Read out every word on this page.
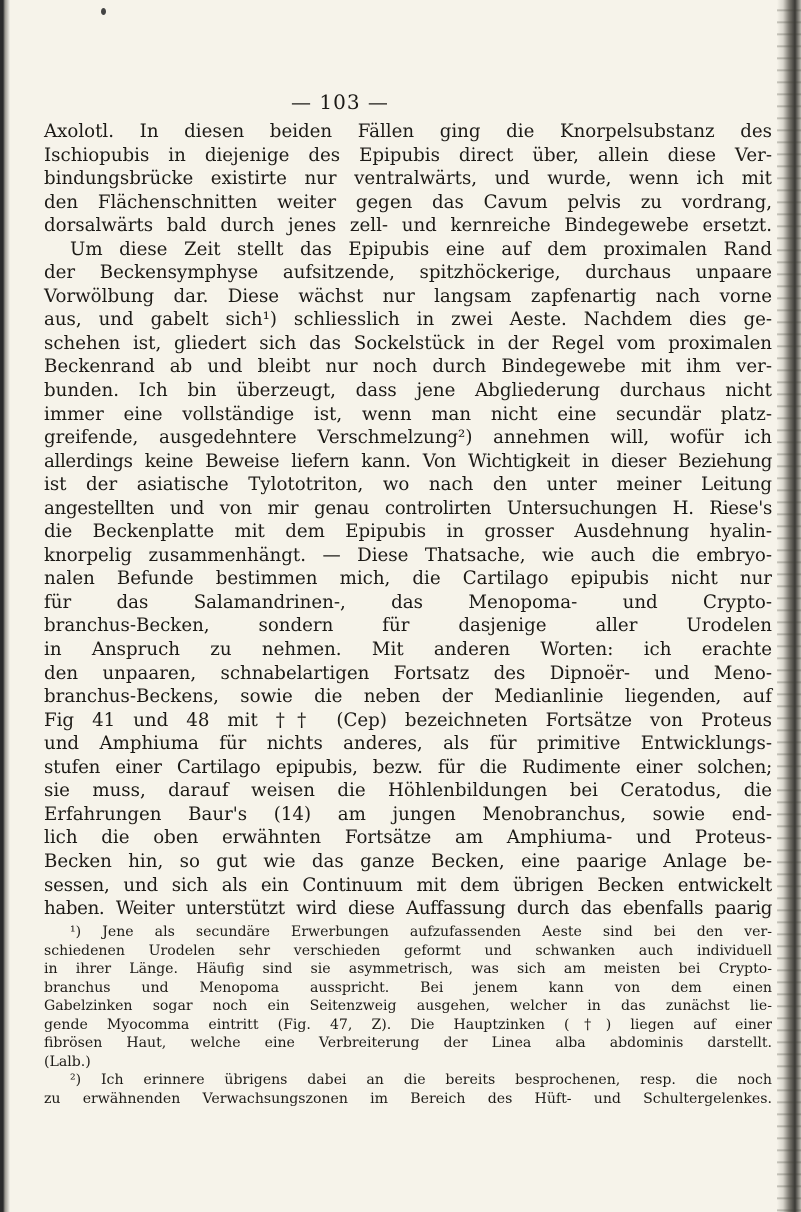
— 103 —
Axolotl. In diesen beiden Fällen ging die Knorpelsubstanz des
Ischiopubis in diejenige des Epipubis direct über, allein diese Ver-
bindungsbrücke existirte nur ventralwärts, und wurde, wenn ich mit
den Flächenschnitten weiter gegen das Cavum pelvis zu vordrang,
dorsalwärts bald durch jenes zell- und kernreiche Bindegewebe ersetzt.
Um diese Zeit stellt das Epipubis eine auf dem proximalen Rand
der Beckensymphyse aufsitzende, spitzhöckerige, durchaus unpaare
Vorwölbung dar. Diese wächst nur langsam zapfenartig nach vorne
aus, und gabelt sich¹) schliesslich in zwei Aeste. Nachdem dies ge-
schehen ist, gliedert sich das Sockelstück in der Regel vom proximalen
Beckenrand ab und bleibt nur noch durch Bindegewebe mit ihm ver-
bunden. Ich bin überzeugt, dass jene Abgliederung durchaus nicht
immer eine vollständige ist, wenn man nicht eine secundär platz-
greifende, ausgedehntere Verschmelzung²) annehmen will, wofür ich
allerdings keine Beweise liefern kann. Von Wichtigkeit in dieser Beziehung
ist der asiatische Tylototriton, wo nach den unter meiner Leitung
angestellten und von mir genau controlirten Untersuchungen H. Riese's
die Beckenplatte mit dem Epipubis in grosser Ausdehnung hyalin-
knorpelig zusammenhängt. — Diese Thatsache, wie auch die embryo-
nalen Befunde bestimmen mich, die Cartilago epipubis nicht nur
für das Salamandrinen-, das Menopoma- und Crypto-
branchus-Becken, sondern für dasjenige aller Urodelen
in Anspruch zu nehmen. Mit anderen Worten: ich erachte
den unpaaren, schnabelartigen Fortsatz des Dipnoër- und Meno-
branchus-Beckens, sowie die neben der Medianlinie liegenden, auf
Fig 41 und 48 mit †† (Cep) bezeichneten Fortsätze von Proteus
und Amphiuma für nichts anderes, als für primitive Entwicklungs-
stufen einer Cartilago epipubis, bezw. für die Rudimente einer solchen;
sie muss, darauf weisen die Höhlenbildungen bei Ceratodus, die
Erfahrungen Baur's (14) am jungen Menobranchus, sowie end-
lich die oben erwähnten Fortsätze am Amphiuma- und Proteus-
Becken hin, so gut wie das ganze Becken, eine paarige Anlage be-
sessen, und sich als ein Continuum mit dem übrigen Becken entwickelt
haben. Weiter unterstützt wird diese Auffassung durch das ebenfalls paarig
¹) Jene als secundäre Erwerbungen aufzufassenden Aeste sind bei den ver-
schiedenen Urodelen sehr verschieden geformt und schwanken auch individuell
in ihrer Länge. Häufig sind sie asymmetrisch, was sich am meisten bei Crypto-
branchus und Menopoma ausspricht. Bei jenem kann von dem einen
Gabelzinken sogar noch ein Seitenzweig ausgehen, welcher in das zunächst lie-
gende Myocomma eintritt (Fig. 47, Z). Die Hauptzinken (†) liegen auf einer
fibrösen Haut, welche eine Verbreiterung der Linea alba abdominis darstellt.
(Lalb.)
²) Ich erinnere übrigens dabei an die bereits besprochenen, resp. die noch
zu erwähnenden Verwachsungszonen im Bereich des Hüft- und Schultergelenkes.
